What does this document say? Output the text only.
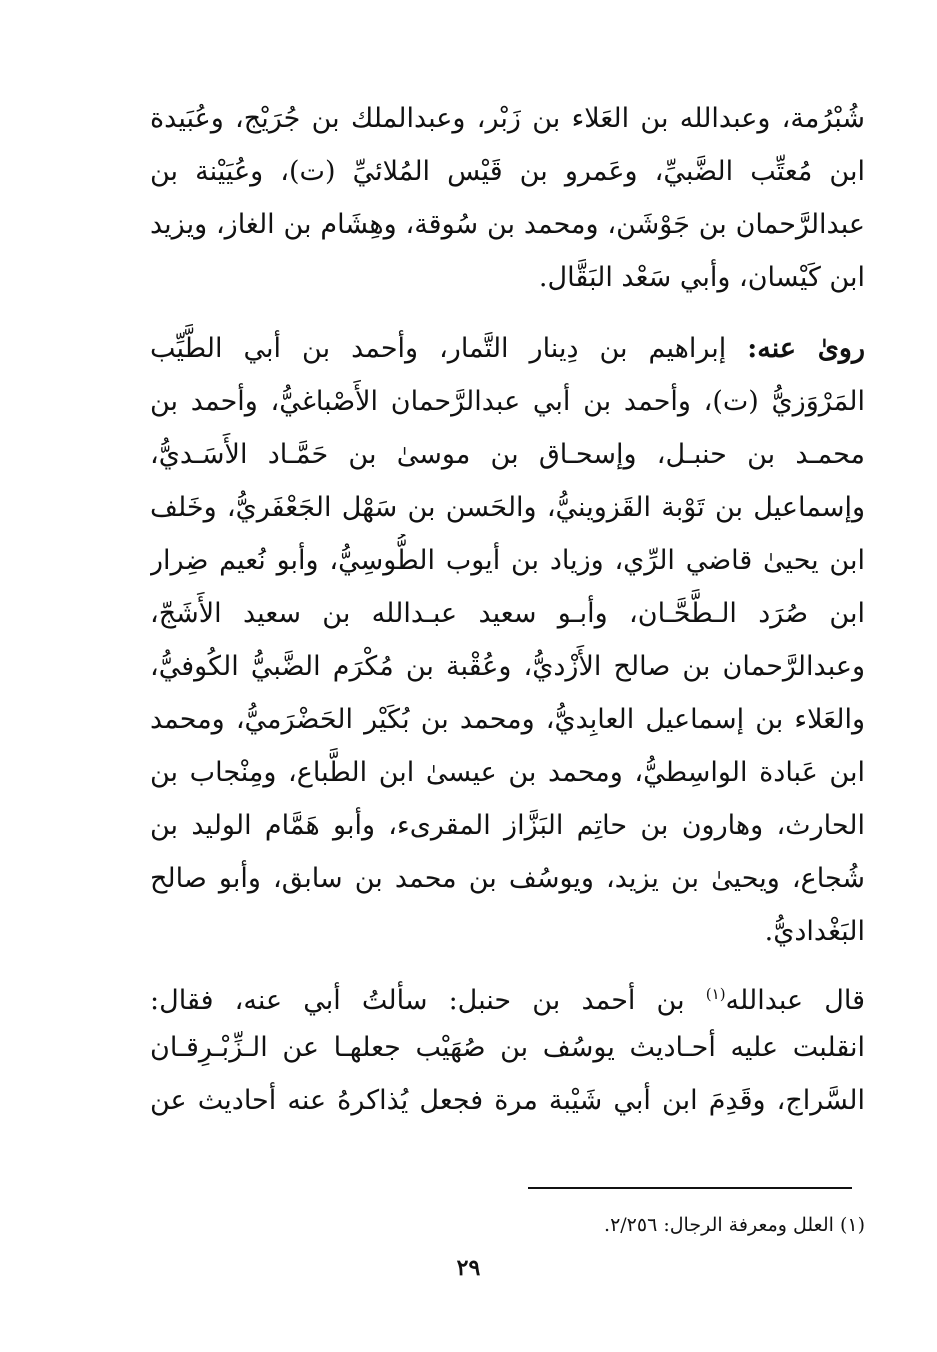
شُبْرُمة، وعبدالله بن العَلاء بن زَبْر، وعبدالملك بن جُرَيْج، وعُبَيدة
ابن مُعتِّب الضَّبيِّ، وعَمرو بن قَيْس المُلائيِّ (ت)، وعُيَيْنة بن
عبدالرَّحمان بن جَوْشَن، ومحمد بن سُوقة، وهِشَام بن الغاز، ويزيد
ابن كَيْسان، وأبي سَعْد البَقَّال.
روىٰ عنه: إبراهيم بن دِينار التَّمار، وأحمد بن أبي الطَّيِّب
المَرْوَزيُّ (ت)، وأحمد بن أبي عبدالرَّحمان الأَصْباغيُّ، وأحمد بن
محمـد بن حنبـل، وإسحـاق بن موسىٰ بن حَمَّـاد الأَسَـديُّ،
وإسماعيل بن تَوْبة القَزوينيُّ، والحَسن بن سَهْل الجَعْفَريُّ، وخَلف
ابن يحيىٰ قاضي الرِّي، وزياد بن أيوب الطُّوسِيُّ، وأبو نُعيم ضِرار
ابن صُرَد الـطَّحَّـان، وأبـو سعيد عبـدالله بن سعيد الأَشَجّ،
وعبدالرَّحمان بن صالح الأَزْديُّ، وعُقْبة بن مُكْرَم الضَّبيُّ الكُوفيُّ،
والعَلاء بن إسماعيل العابِديُّ، ومحمد بن بُكَيْر الحَضْرَميُّ، ومحمد
ابن عَبادة الواسِطيُّ، ومحمد بن عيسىٰ ابن الطَّباع، ومِنْجاب بن
الحارث، وهارون بن حاتِم البَزَّاز المقرىء، وأبو هَمَّام الوليد بن
شُجاع، ويحيىٰ بن يزيد، ويوسُف بن محمد بن سابق، وأبو صالح
البَغْداديُّ.
قال عبدالله$^{(١)}$ بن أحمد بن حنبل: سألتُ أبي عنه، فقال:
انقلبت عليه أحـاديث يوسُف بن صُهَيْب جعلهـا عن الـزِّبْـرِقـان
السَّراج، وقَدِمَ ابن أبي شَيْبة مرة فجعل يُذاكرهُ عنه أحاديث عن
(١) العلل ومعرفة الرجال: ٢/٢٥٦.
٢٩
